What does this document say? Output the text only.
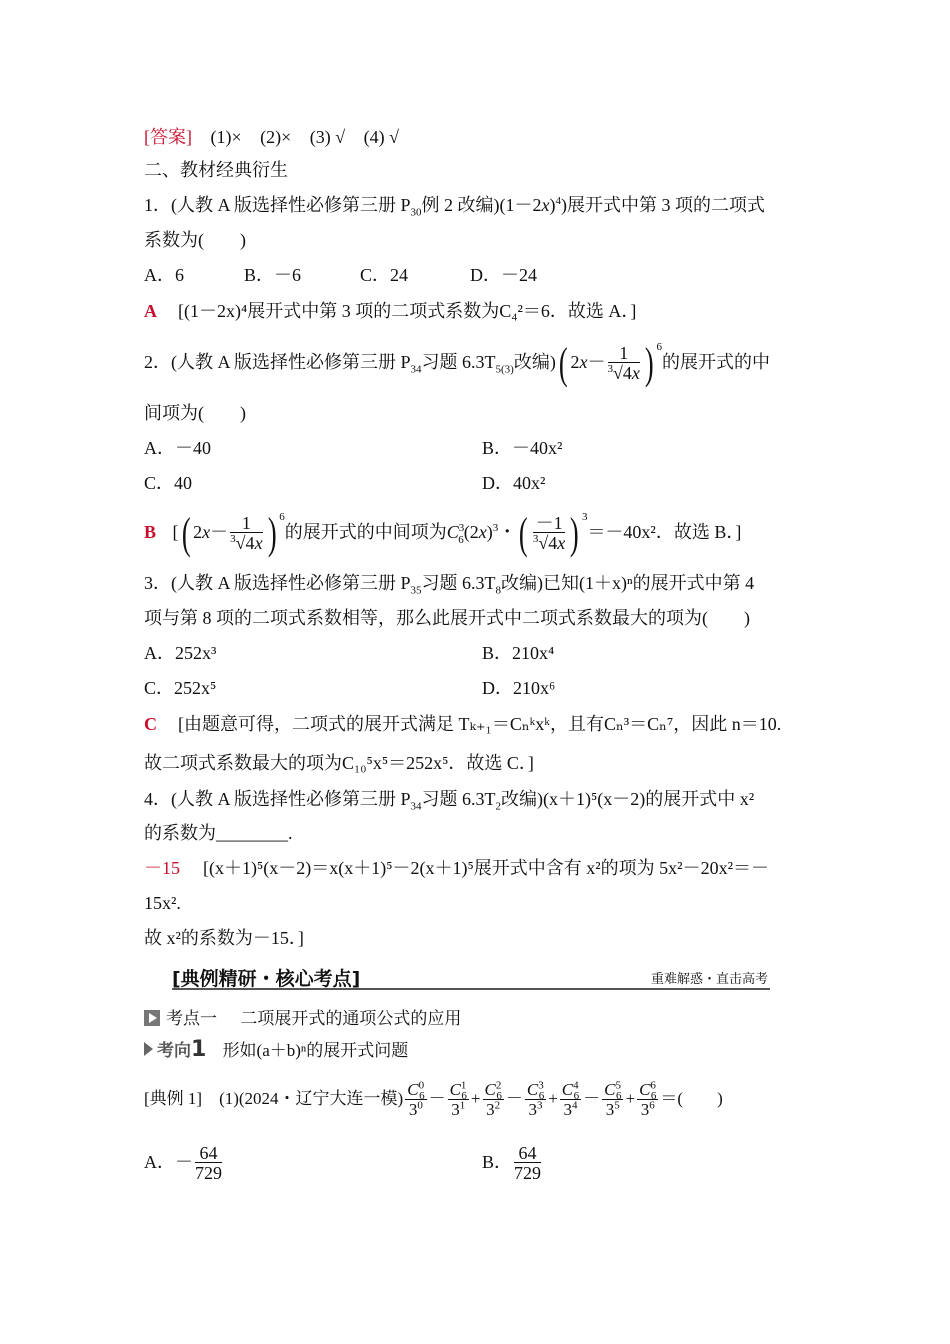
[答案] (1)× (2)× (3) √ (4) √
二、教材经典衍生
1．(人教 A 版选择性必修第三册 $P_{30}$例 2 改编)$(1-2x)^4$)展开式中第 3 项的二项式
系数为(　　)
A．6	B．－6	C．24	D．－24
A [(1－2x)⁴展开式中第 3 项的二项式系数为C₄²＝6．故选 A．]
2．(人教 A 版选择性必修第三册 $P_{34}$习题 $6.3T_{5(3)}$改编)( $2x- \frac{1}{^3√4x}$ ) $^6$的展开式的中
间项为(　　)
A．－40	B．－40x²
C．40	D．40x²
B [( $2x- \frac{1}{^3√4x}$ ) $^6$的展开式的中间项为$C^3_6(2x)^3$・( $\frac{-1}{^3√4x}$ ) $^3$＝－40x²．故选 B．]
3．(人教 A 版选择性必修第三册 $P_{35}$习题 $6.3T_8$改编)已知(1＋x)ⁿ的展开式中第 4
项与第 8 项的二项式系数相等，那么此展开式中二项式系数最大的项为(　　)
A．252x³	B．210x⁴
C．252x⁵	D．210x⁶
C [由题意可得，二项式的展开式满足 Tₖ₊₁＝Cₙᵏxᵏ，且有Cₙ³＝Cₙ⁷，因此 n＝10.
故二项式系数最大的项为C₁₀⁵x⁵＝252x⁵．故选 C．]
4．(人教 A 版选择性必修第三册 $P_{34}$习题 $6.3T_2$改编)(x＋1)⁵(x－2)的展开式中 x²
的系数为________.
－15 [(x＋1)⁵(x－2)＝x(x＋1)⁵－2(x＋1)⁵展开式中含有 x²的项为 5x²－20x²＝－
15x².
故 x²的系数为－15．]
[典例精研・核心考点]	重难解惑・直击高考
考点一 二项展开式的通项公式的应用
考向1 形如(a＋b)ⁿ的展开式问题
[典例 1]　(1)(2024・辽宁大连一模) $\frac{C^0_6}{3^0} - \frac{C^1_6}{3^1} + \frac{C^2_6}{3^2} - \frac{C^3_6}{3^3} + \frac{C^4_6}{3^4} - \frac{C^5_6}{3^5} + \frac{C^6_6}{3^6}$ ＝(　　)
A．－ $\frac{64}{729}$	B． $\frac{64}{729}$
